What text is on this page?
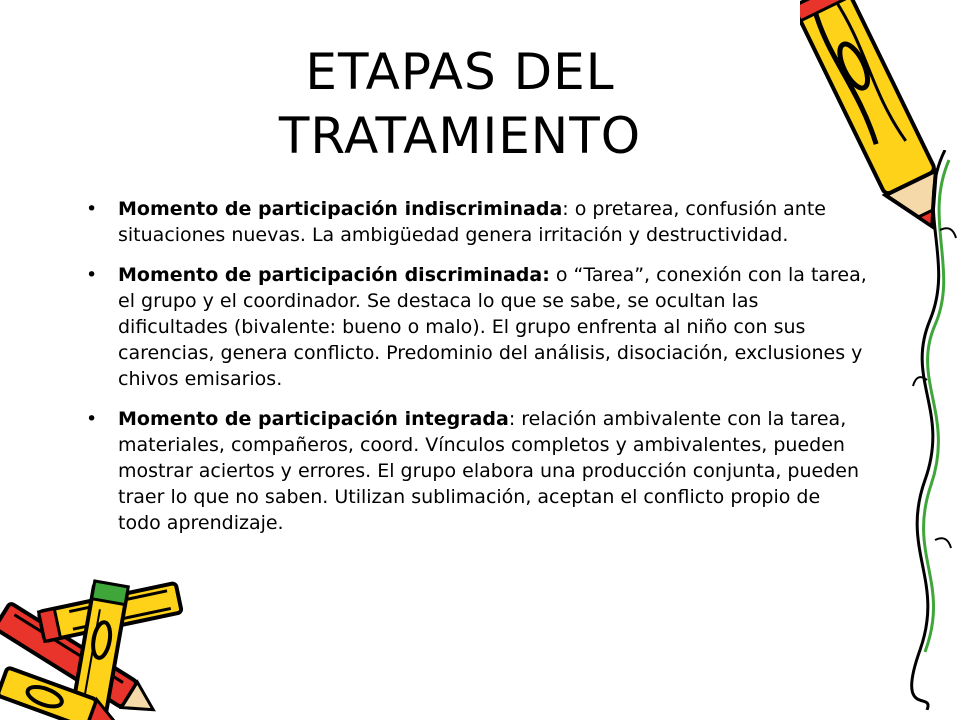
ETAPAS DEL
TRATAMIENTO
• Momento de participación indiscriminada: o pretarea, confusión ante situaciones nuevas. La ambigüedad genera irritación y destructividad.
• Momento de participación discriminada: o “Tarea”, conexión con la tarea, el grupo y el coordinador. Se destaca lo que se sabe, se ocultan las dificultades (bivalente: bueno o malo). El grupo enfrenta al niño con sus carencias, genera conflicto. Predominio del análisis, disociación, exclusiones y chivos emisarios.
• Momento de participación integrada: relación ambivalente con la tarea, materiales, compañeros, coord. Vínculos completos y ambivalentes, pueden mostrar aciertos y errores. El grupo elabora una producción conjunta, pueden traer lo que no saben. Utilizan sublimación, aceptan el conflicto propio de todo aprendizaje.
